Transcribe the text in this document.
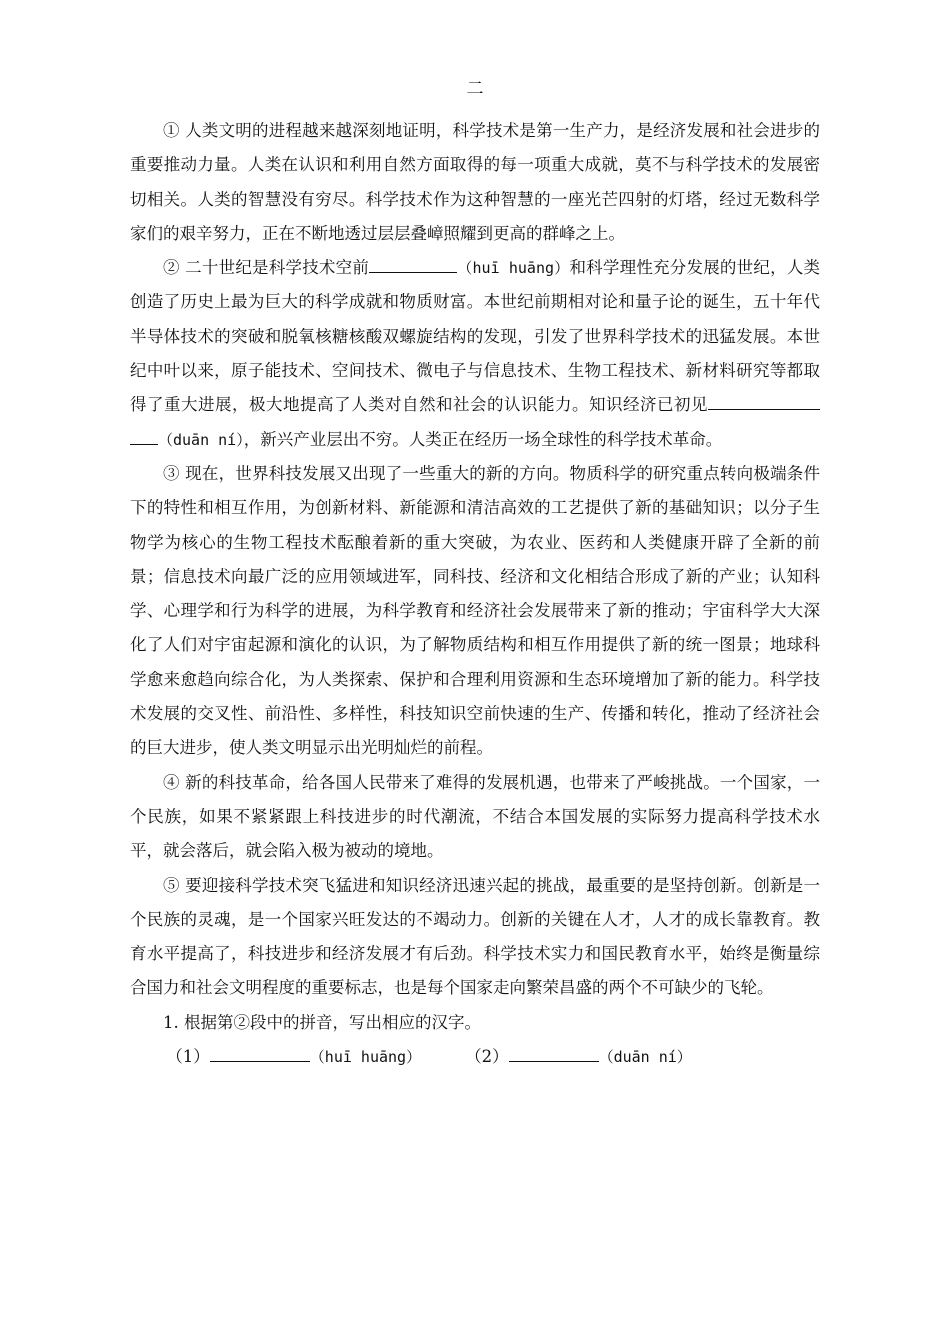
二

① 人类文明的进程越来越深刻地证明，科学技术是第一生产力，是经济发展和社会进步的重要推动力量。人类在认识和利用自然方面取得的每一项重大成就，莫不与科学技术的发展密切相关。人类的智慧没有穷尽。科学技术作为这种智慧的一座光芒四射的灯塔，经过无数科学家们的艰辛努力，正在不断地透过层层叠嶂照耀到更高的群峰之上。

② 二十世纪是科学技术空前	（huī huāng）和科学理性充分发展的世纪，人类创造了历史上最为巨大的科学成就和物质财富。本世纪前期相对论和量子论的诞生，五十年代半导体技术的突破和脱氧核糖核酸双螺旋结构的发现，引发了世界科学技术的迅猛发展。本世纪中叶以来，原子能技术、空间技术、微电子与信息技术、生物工程技术、新材料研究等都取得了重大进展，极大地提高了人类对自然和社会的认识能力。知识经济已初见（duān ní），新兴产业层出不穷。人类正在经历一场全球性的科学技术革命。

③ 现在，世界科技发展又出现了一些重大的新的方向。物质科学的研究重点转向极端条件下的特性和相互作用，为创新材料、新能源和清洁高效的工艺提供了新的基础知识；以分子生物学为核心的生物工程技术酝酿着新的重大突破，为农业、医药和人类健康开辟了全新的前景；信息技术向最广泛的应用领域进军，同科技、经济和文化相结合形成了新的产业；认知科学、心理学和行为科学的进展，为科学教育和经济社会发展带来了新的推动；宇宙科学大大深化了人们对宇宙起源和演化的认识，为了解物质结构和相互作用提供了新的统一图景；地球科学愈来愈趋向综合化，为人类探索、保护和合理利用资源和生态环境增加了新的能力。科学技术发展的交叉性、前沿性、多样性，科技知识空前快速的生产、传播和转化，推动了经济社会的巨大进步，使人类文明显示出光明灿烂的前程。

④ 新的科技革命，给各国人民带来了难得的发展机遇，也带来了严峻挑战。一个国家，一个民族，如果不紧紧跟上科技进步的时代潮流，不结合本国发展的实际努力提高科学技术水平，就会落后，就会陷入极为被动的境地。

⑤ 要迎接科学技术突飞猛进和知识经济迅速兴起的挑战，最重要的是坚持创新。创新是一个民族的灵魂，是一个国家兴旺发达的不竭动力。创新的关键在人才，人才的成长靠教育。教育水平提高了，科技进步和经济发展才有后劲。科学技术实力和国民教育水平，始终是衡量综合国力和社会文明程度的重要标志，也是每个国家走向繁荣昌盛的两个不可缺少的飞轮。

1. 根据第②段中的拼音，写出相应的汉字。

（1）	（huī huāng）	（2）	（duān ní）
